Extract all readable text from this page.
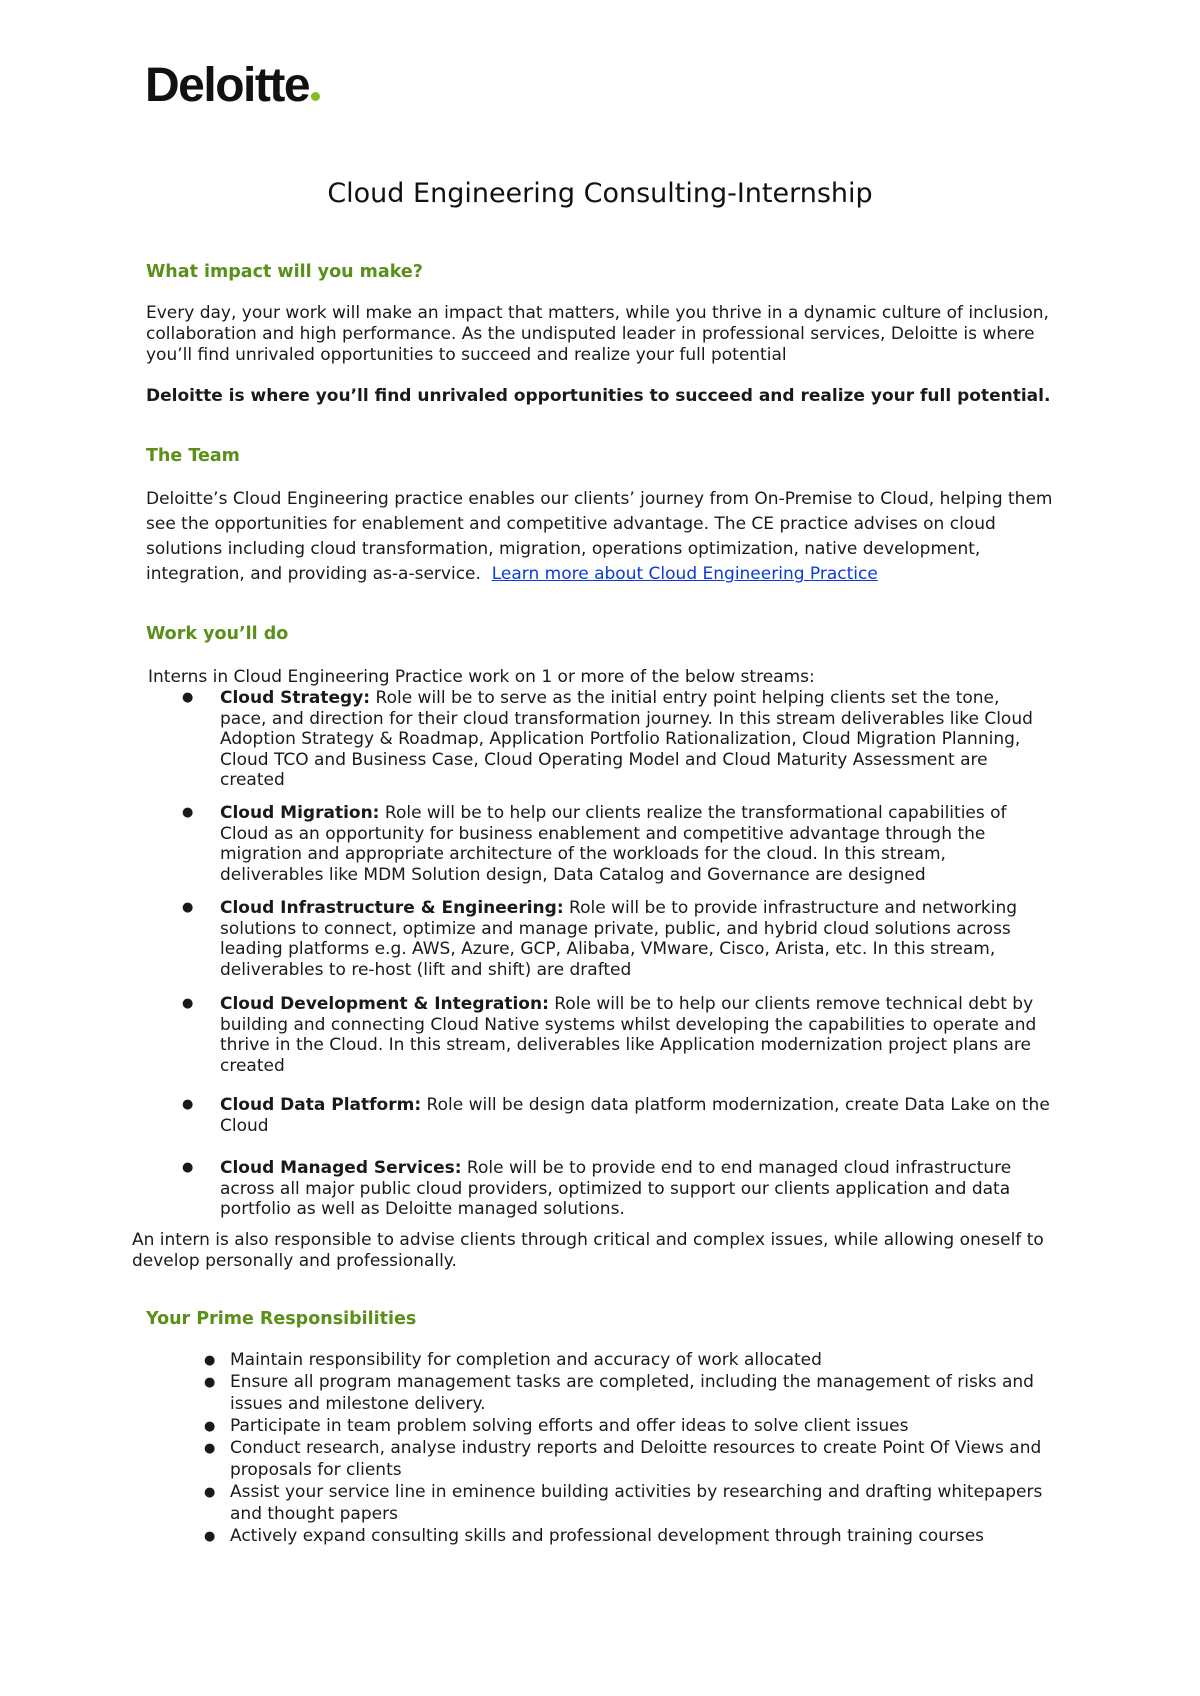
Deloitte
Cloud Engineering Consulting-Internship
What impact will you make?
Every day, your work will make an impact that matters, while you thrive in a dynamic culture of inclusion, collaboration and high performance. As the undisputed leader in professional services, Deloitte is where you’ll find unrivaled opportunities to succeed and realize your full potential
Deloitte is where you’ll find unrivaled opportunities to succeed and realize your full potential.
The Team
Deloitte’s Cloud Engineering practice enables our clients’ journey from On-Premise to Cloud, helping them see the opportunities for enablement and competitive advantage. The CE practice advises on cloud solutions including cloud transformation, migration, operations optimization, native development, integration, and providing as-a-service. Learn more about Cloud Engineering Practice
Work you’ll do
Interns in Cloud Engineering Practice work on 1 or more of the below streams:
● Cloud Strategy: Role will be to serve as the initial entry point helping clients set the tone, pace, and direction for their cloud transformation journey. In this stream deliverables like Cloud Adoption Strategy & Roadmap, Application Portfolio Rationalization, Cloud Migration Planning, Cloud TCO and Business Case, Cloud Operating Model and Cloud Maturity Assessment are created
● Cloud Migration: Role will be to help our clients realize the transformational capabilities of Cloud as an opportunity for business enablement and competitive advantage through the migration and appropriate architecture of the workloads for the cloud. In this stream, deliverables like MDM Solution design, Data Catalog and Governance are designed
● Cloud Infrastructure & Engineering: Role will be to provide infrastructure and networking solutions to connect, optimize and manage private, public, and hybrid cloud solutions across leading platforms e.g. AWS, Azure, GCP, Alibaba, VMware, Cisco, Arista, etc. In this stream, deliverables to re-host (lift and shift) are drafted
● Cloud Development & Integration: Role will be to help our clients remove technical debt by building and connecting Cloud Native systems whilst developing the capabilities to operate and thrive in the Cloud. In this stream, deliverables like Application modernization project plans are created
● Cloud Data Platform: Role will be design data platform modernization, create Data Lake on the Cloud
● Cloud Managed Services: Role will be to provide end to end managed cloud infrastructure across all major public cloud providers, optimized to support our clients application and data portfolio as well as Deloitte managed solutions.
An intern is also responsible to advise clients through critical and complex issues, while allowing oneself to develop personally and professionally.
Your Prime Responsibilities
● Maintain responsibility for completion and accuracy of work allocated
● Ensure all program management tasks are completed, including the management of risks and issues and milestone delivery.
● Participate in team problem solving efforts and offer ideas to solve client issues
● Conduct research, analyse industry reports and Deloitte resources to create Point Of Views and proposals for clients
● Assist your service line in eminence building activities by researching and drafting whitepapers and thought papers
● Actively expand consulting skills and professional development through training courses
